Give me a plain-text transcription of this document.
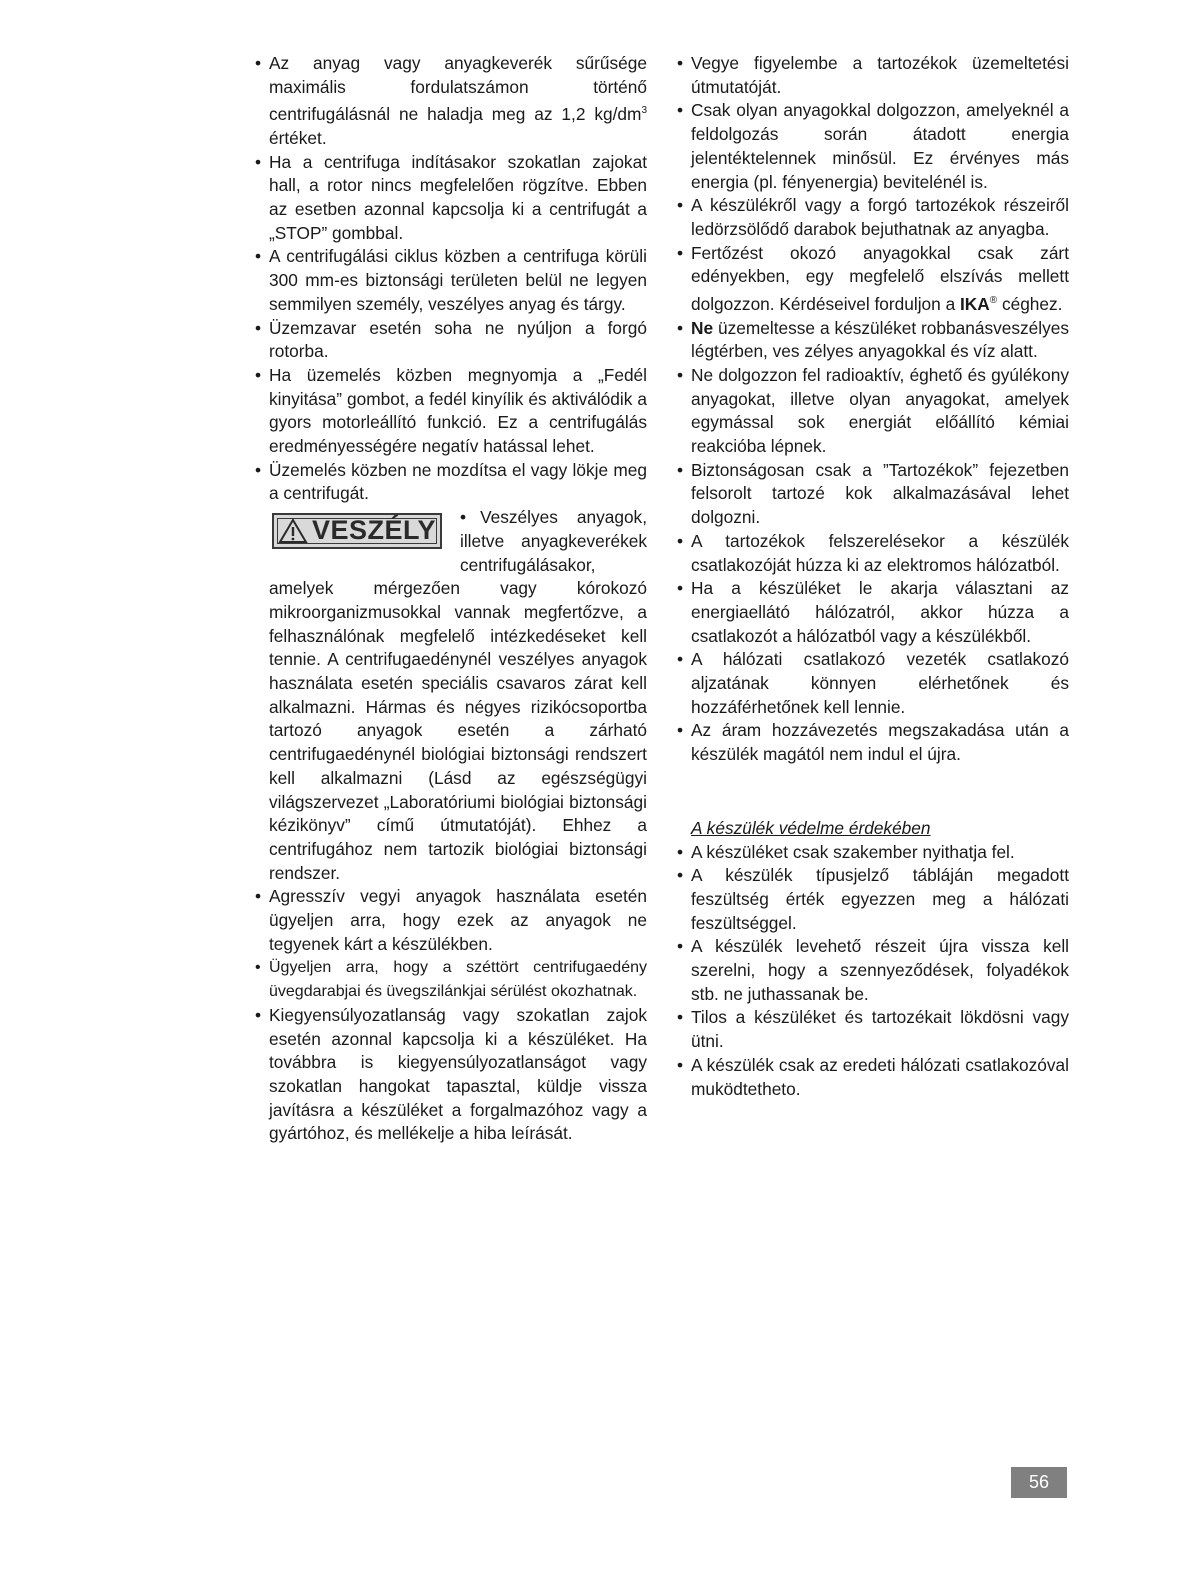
• Az anyag vagy anyagkeverék sűrűsége maximális fordulatszámon történő centrifugálásnál ne haladja meg az 1,2 $kg/dm^3$ értéket.
• Ha a centrifuga indításakor szokatlan zajokat hall, a rotor nincs megfelelően rögzítve. Ebben az esetben azonnal kapcsolja ki a centrifugát a „STOP” gombbal.
• A centrifugálási ciklus közben a centrifuga körüli 300 mm-es biztonsági területen belül ne legyen semmilyen személy, veszélyes anyag és tárgy.
• Üzemzavar esetén soha ne nyúljon a forgó rotorba.
• Ha üzemelés közben megnyomja a „Fedél kinyitása” gombot, a fedél kinyílik és aktiválódik a gyors motorleállító funkció. Ez a centrifugálás eredményességére negatív hatással lehet.
• Üzemelés közben ne mozdítsa el vagy lökje meg a centrifugát.
VESZÉLY	• Veszélyes anyagok, illetve anyagkeverékek centrifugálásakor, amelyek mérgezően vagy kórokozó mikroorganizmusokkal vannak megfertőzve, a felhasználónak megfelelő intézkedéseket kell tennie. A centrifugaedénynél veszélyes anyagok használata esetén speciális csavaros zárat kell alkalmazni. Hármas és négyes rizikócsoportba tartozó anyagok esetén a zárható centrifugaedénynél biológiai biztonsági rendszert kell alkalmazni (Lásd az egészségügyi világszervezet „Laboratóriumi biológiai biztonsági kézikönyv” című útmutatóját). Ehhez a centrifugához nem tartozik biológiai biztonsági rendszer.
• Agresszív vegyi anyagok használata esetén ügyeljen arra, hogy ezek az anyagok ne tegyenek kárt a készülékben.
• Ügyeljen arra, hogy a széttört centrifugaedény üvegdarabjai és üvegszilánkjai sérülést okozhatnak.
• Kiegyensúlyozatlanság vagy szokatlan zajok esetén azonnal kapcsolja ki a készüléket. Ha továbbra is kiegyensúlyozatlanságot vagy szokatlan hangokat tapasztal, küldje vissza javításra a készüléket a forgalmazóhoz vagy a gyártóhoz, és mellékelje a hiba leírását.
• Vegye figyelembe a tartozékok üzemeltetési útmutatóját.
• Csak olyan anyagokkal dolgozzon, amelyeknél a feldolgozás során átadott energia jelentéktelennek minősül. Ez érvényes más energia (pl. fényenergia) bevitelénél is.
• A készülékről vagy a forgó tartozékok részeiről ledörzsölődő darabok bejuthatnak az anyagba.
• Fertőzést okozó anyagokkal csak zárt edényekben, egy megfelelő elszívás mellett dolgozzon. Kérdéseivel forduljon a IKA® céghez.
• Ne üzemeltesse a készüléket robbanásveszélyes légtérben, ves zélyes anyagokkal és víz alatt.
• Ne dolgozzon fel radioaktív, éghető és gyúlékony anyagokat, illetve olyan anyagokat, amelyek egymással sok energiát előállító kémiai reakcióba lépnek.
• Biztonságosan csak a ”Tartozékok” fejezetben felsorolt tartozé kok alkalmazásával lehet dolgozni.
• A tartozékok felszerelésekor a készülék csatlakozóját húzza ki az elektromos hálózatból.
• Ha a készüléket le akarja választani az energiaellátó hálózatról, akkor húzza a csatlakozót a hálózatból vagy a készülékből.
• A hálózati csatlakozó vezeték csatlakozó aljzatának könnyen elérhetőnek és hozzáférhetőnek kell lennie.
• Az áram hozzávezetés megszakadása után a készülék magától nem indul el újra.
A készülék védelme érdekében
• A készüléket csak szakember nyithatja fel.
• A készülék típusjelző tábláján megadott feszültség érték egyezzen meg a hálózati feszültséggel.
• A készülék levehető részeit újra vissza kell szerelni, hogy a szennyeződések, folyadékok stb. ne juthassanak be.
• Tilos a készüléket és tartozékait lökdösni vagy ütni.
• A készülék csak az eredeti hálózati csatlakozóval muködtetheto.
56
